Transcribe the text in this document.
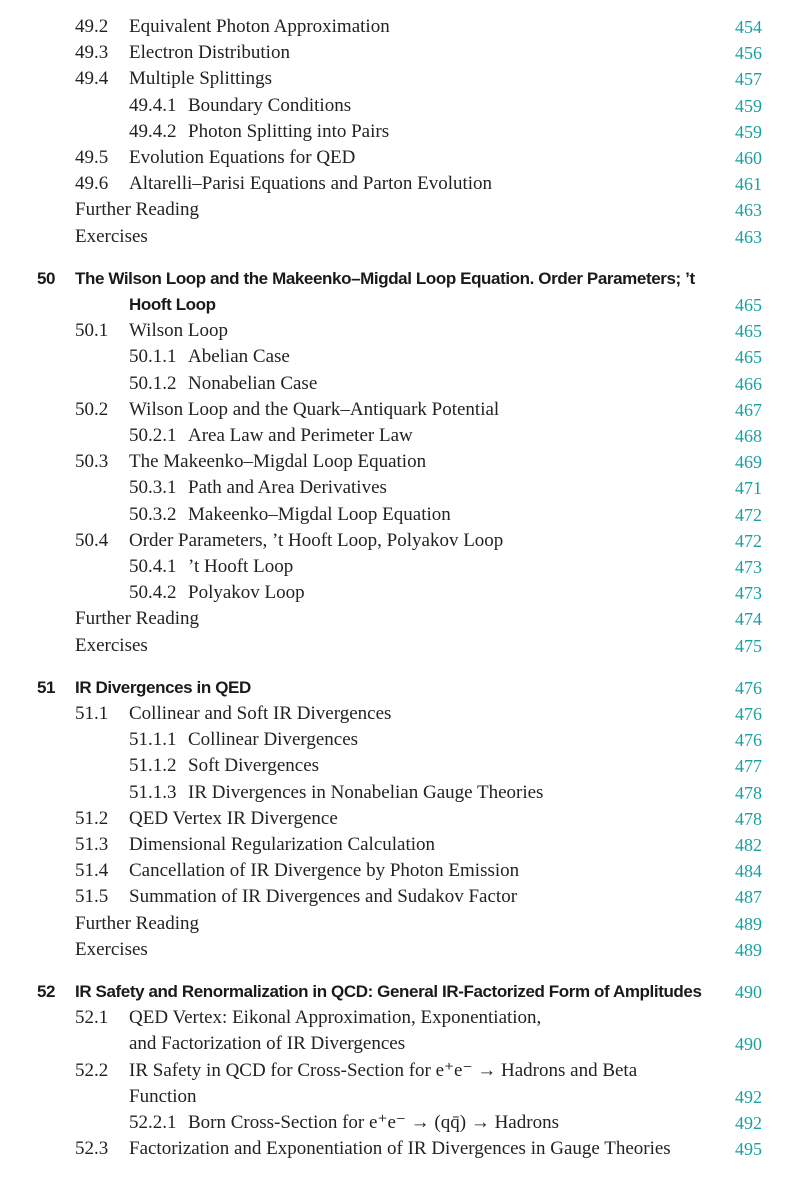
49.2 Equivalent Photon Approximation	454
49.3 Electron Distribution	456
49.4 Multiple Splittings	457
49.4.1 Boundary Conditions	459
49.4.2 Photon Splitting into Pairs	459
49.5 Evolution Equations for QED	460
49.6 Altarelli–Parisi Equations and Parton Evolution	461
Further Reading	463
Exercises	463
50 The Wilson Loop and the Makeenko–Migdal Loop Equation. Order Parameters; ’t
Hooft Loop	465
50.1 Wilson Loop	465
50.1.1 Abelian Case	465
50.1.2 Nonabelian Case	466
50.2 Wilson Loop and the Quark–Antiquark Potential	467
50.2.1 Area Law and Perimeter Law	468
50.3 The Makeenko–Migdal Loop Equation	469
50.3.1 Path and Area Derivatives	471
50.3.2 Makeenko–Migdal Loop Equation	472
50.4 Order Parameters, ’t Hooft Loop, Polyakov Loop	472
50.4.1 ’t Hooft Loop	473
50.4.2 Polyakov Loop	473
Further Reading	474
Exercises	475
51 IR Divergences in QED	476
51.1 Collinear and Soft IR Divergences	476
51.1.1 Collinear Divergences	476
51.1.2 Soft Divergences	477
51.1.3 IR Divergences in Nonabelian Gauge Theories	478
51.2 QED Vertex IR Divergence	478
51.3 Dimensional Regularization Calculation	482
51.4 Cancellation of IR Divergence by Photon Emission	484
51.5 Summation of IR Divergences and Sudakov Factor	487
Further Reading	489
Exercises	489
52 IR Safety and Renormalization in QCD: General IR-Factorized Form of Amplitudes 490
52.1 QED Vertex: Eikonal Approximation, Exponentiation,
and Factorization of IR Divergences	490
52.2 IR Safety in QCD for Cross-Section for e⁺e⁻ → Hadrons and Beta
Function	492
52.2.1 Born Cross-Section for e⁺e⁻ → (qq̄) → Hadrons	492
52.3 Factorization and Exponentiation of IR Divergences in Gauge Theories	495
